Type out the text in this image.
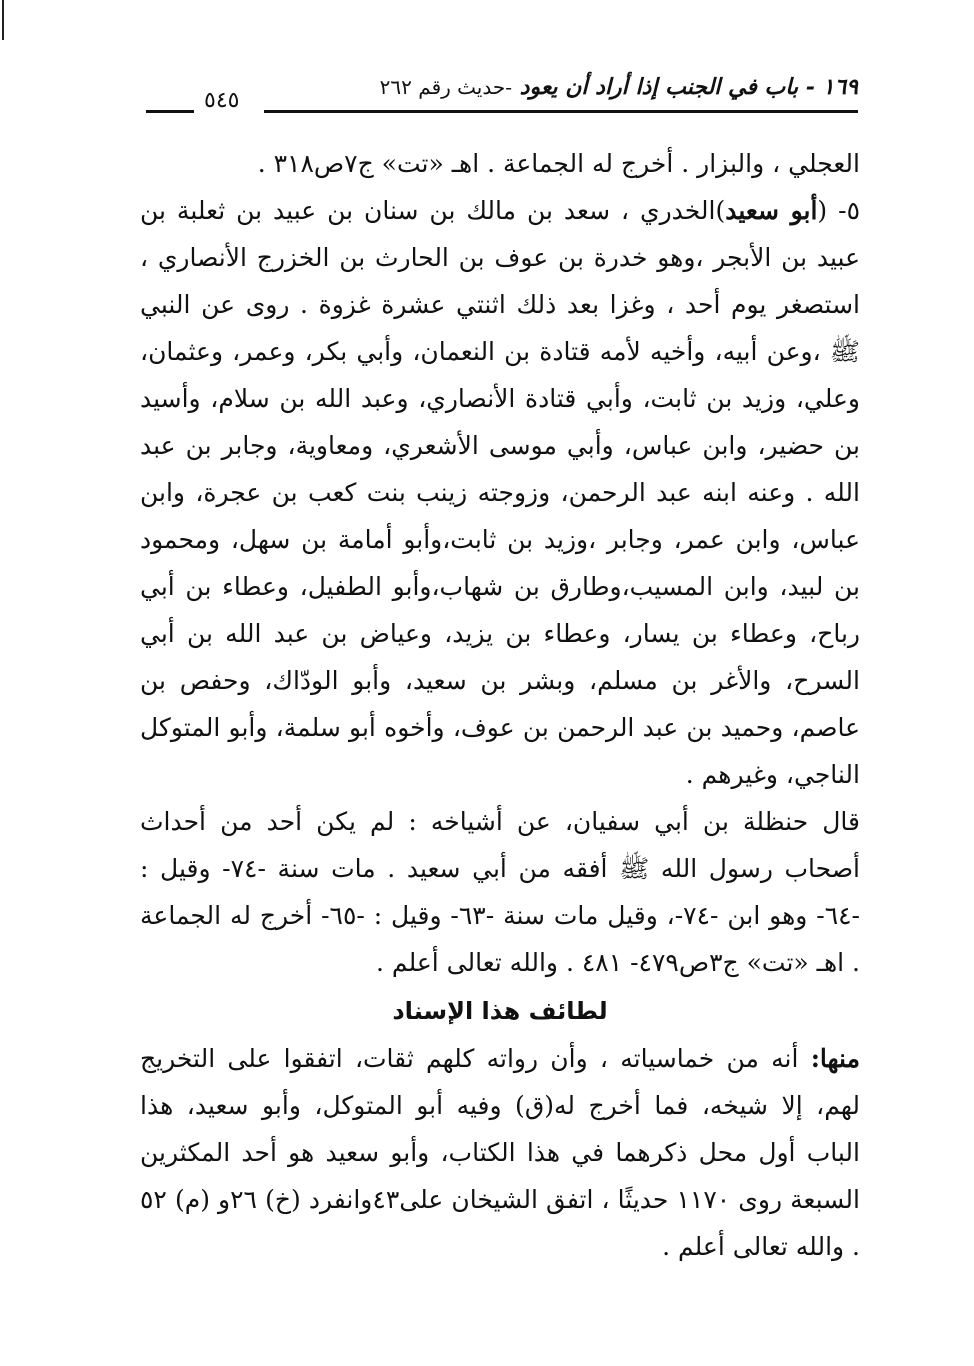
١٦٩ - باب في الجنب إذا أراد أن يعود -حديث رقم ٢٦٢
٥٤٥

العجلي ، والبزار . أخرج له الجماعة . اهـ «تت» ج٧ص٣١٨ .

٥- (أبو سعيد)الخدري ، سعد بن مالك بن سنان بن عبيد بن ثعلبة بن عبيد بن الأبجر ،وهو خدرة بن عوف بن الحارث بن الخزرج الأنصاري ، استصغر يوم أحد ، وغزا بعد ذلك اثنتي عشرة غزوة . روى عن النبي ﷺ ،وعن أبيه، وأخيه لأمه قتادة بن النعمان، وأبي بكر، وعمر، وعثمان، وعلي، وزيد بن ثابت، وأبي قتادة الأنصاري، وعبد الله بن سلام، وأسيد بن حضير، وابن عباس، وأبي موسى الأشعري، ومعاوية، وجابر بن عبد الله . وعنه ابنه عبد الرحمن، وزوجته زينب بنت كعب بن عجرة، وابن عباس، وابن عمر، وجابر ،وزيد بن ثابت،وأبو أمامة بن سهل، ومحمود بن لبيد، وابن المسيب،وطارق بن شهاب،وأبو الطفيل، وعطاء بن أبي رباح، وعطاء بن يسار، وعطاء بن يزيد، وعياض بن عبد الله بن أبي السرح، والأغر بن مسلم، وبشر بن سعيد، وأبو الودّاك، وحفص بن عاصم، وحميد بن عبد الرحمن بن عوف، وأخوه أبو سلمة، وأبو المتوكل الناجي، وغيرهم .

قال حنظلة بن أبي سفيان، عن أشياخه : لم يكن أحد من أحداث أصحاب رسول الله ﷺ أفقه من أبي سعيد . مات سنة -٧٤- وقيل : -٦٤- وهو ابن -٧٤-، وقيل مات سنة -٦٣- وقيل : -٦٥- أخرج له الجماعة . اهـ «تت» ج٣ص٤٧٩- ٤٨١ . والله تعالى أعلم .

لطائف هذا الإسناد

منها: أنه من خماسياته ، وأن رواته كلهم ثقات، اتفقوا على التخريج لهم، إلا شيخه، فما أخرج له(ق) وفيه أبو المتوكل، وأبو سعيد، هذا الباب أول محل ذكرهما في هذا الكتاب، وأبو سعيد هو أحد المكثرين السبعة روى ١١٧٠ حديثًا ، اتفق الشيخان على٤٣وانفرد (خ) ٢٦و (م) ٥٢ . والله تعالى أعلم .
